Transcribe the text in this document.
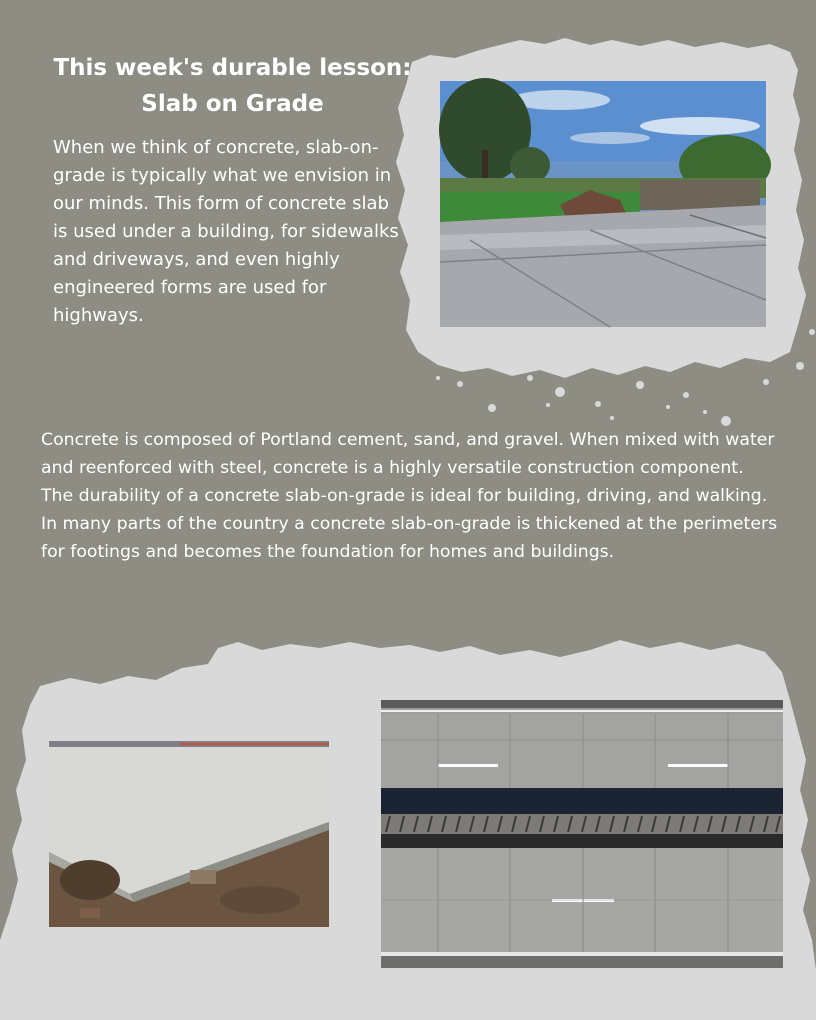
This week's durable lesson:
Slab on Grade

When we think of concrete, slab-on-grade is typically what we envision in our minds. This form of concrete slab is used under a building, for sidewalks and driveways, and even highly engineered forms are used for highways.

Concrete is composed of Portland cement, sand, and gravel. When mixed with water and reenforced with steel, concrete is a highly versatile construction component. The durability of a concrete slab-on-grade is ideal for building, driving, and walking. In many parts of the country a concrete slab-on-grade is thickened at the perimeters for footings and becomes the foundation for homes and buildings.
